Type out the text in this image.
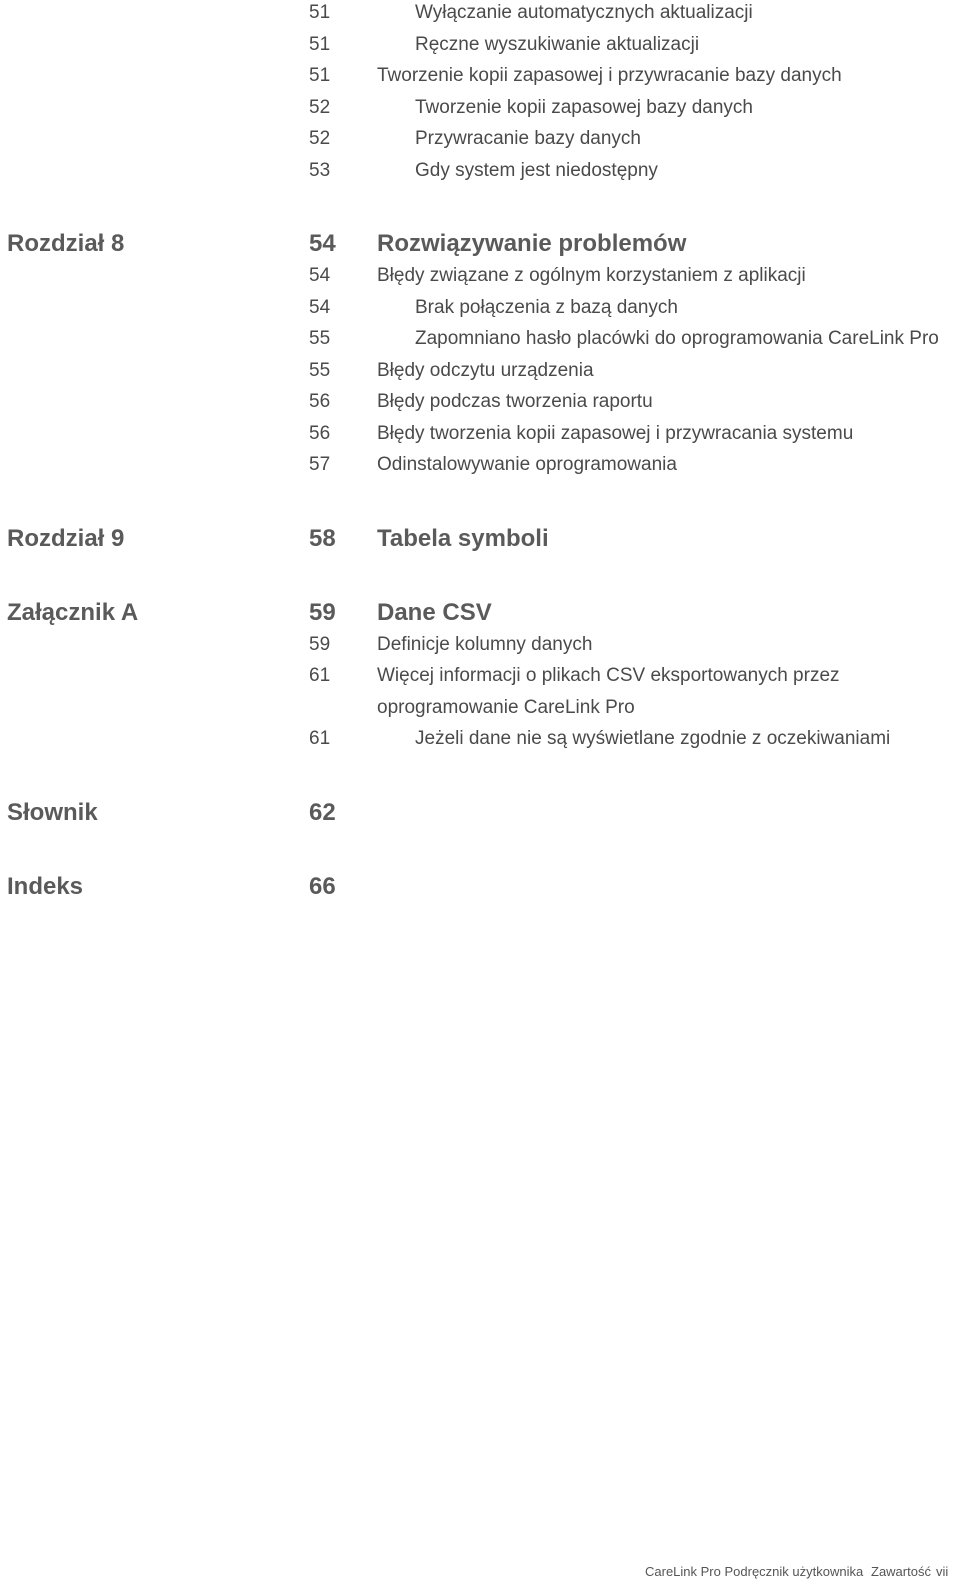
51	Wyłączanie automatycznych aktualizacji
51	Ręczne wyszukiwanie aktualizacji
51 Tworzenie kopii zapasowej i przywracanie bazy danych
52	Tworzenie kopii zapasowej bazy danych
52	Przywracanie bazy danych
53	Gdy system jest niedostępny
Rozdział 8	54 Rozwiązywanie problemów
54 Błędy związane z ogólnym korzystaniem z aplikacji
54	Brak połączenia z bazą danych
55	Zapomniano hasło placówki do oprogramowania CareLink Pro
55 Błędy odczytu urządzenia
56 Błędy podczas tworzenia raportu
56 Błędy tworzenia kopii zapasowej i przywracania systemu
57 Odinstalowywanie oprogramowania
Rozdział 9	58 Tabela symboli
Załącznik A	59 Dane CSV
59 Definicje kolumny danych
61 Więcej informacji o plikach CSV eksportowanych przez
oprogramowanie CareLink Pro
61	Jeżeli dane nie są wyświetlane zgodnie z oczekiwaniami
Słownik	62
Indeks	66
CareLink Pro Podręcznik użytkownika Zawartość vii
